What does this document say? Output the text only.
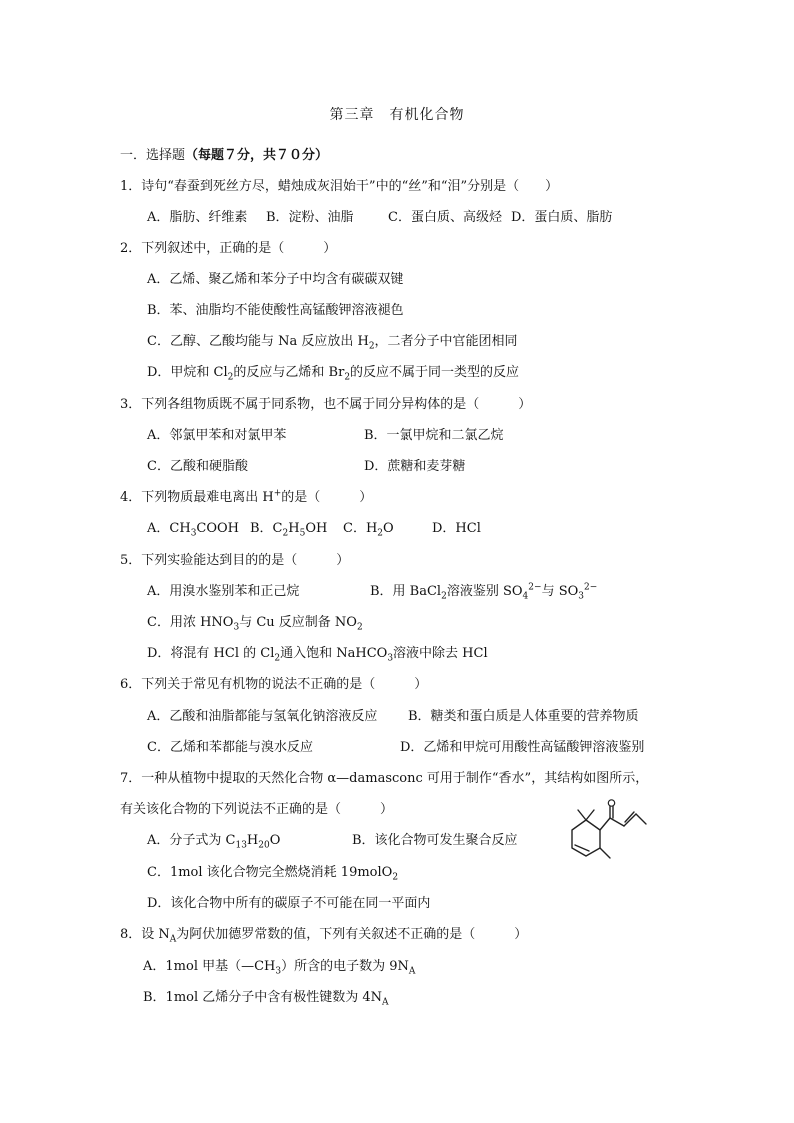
第三章　有机化合物
一．选择题（每题７分，共７０分）
1．诗句“春蚕到死丝方尽，蜡烛成灰泪始干”中的“丝”和“泪”分别是（　　）
A．脂肪、纤维素 B．淀粉、油脂	C．蛋白质、高级烃 D．蛋白质、脂肪
2．下列叙述中，正确的是（　　　）
A．乙烯、聚乙烯和苯分子中均含有碳碳双键
B．苯、油脂均不能使酸性高锰酸钾溶液褪色
C．乙醇、乙酸均能与 Na 反应放出 $H_2$，二者分子中官能团相同
D．甲烷和 $Cl_2$的反应与乙烯和 $Br_2$的反应不属于同一类型的反应
3．下列各组物质既不属于同系物，也不属于同分异构体的是（　　　）
A．邻氯甲苯和对氯甲苯	B．一氯甲烷和二氯乙烷
C．乙酸和硬脂酸	D．蔗糖和麦芽糖
4．下列物质最难电离出 H+的是（　　　）
A．$CH_3COOH$ B．$C_2H_5OH$ C．$H_2O$	D．HCl
5．下列实验能达到目的的是（　　　）
A．用溴水鉴别苯和正己烷	B．用 BaCl$_2$溶液鉴别 $SO_4^{2-}$与 $SO_3^{2-}$
C．用浓 $HNO_3$与 Cu 反应制备 $NO_2$
D．将混有 HCl 的 $Cl_2$通入饱和 NaHCO$_3$溶液中除去 HCl
6．下列关于常见有机物的说法不正确的是（　　　）
A．乙酸和油脂都能与氢氧化钠溶液反应 B．糖类和蛋白质是人体重要的营养物质
C．乙烯和苯都能与溴水反应	D．乙烯和甲烷可用酸性高锰酸钾溶液鉴别
7．一种从植物中提取的天然化合物 α—damasconc 可用于制作“香水”，其结构如图所示，
有关该化合物的下列说法不正确的是（　　　）
A．分子式为 $C_{13}H_{20}O$	B．该化合物可发生聚合反应
C．1mol 该化合物完全燃烧消耗 19molO$_2$
D．该化合物中所有的碳原子不可能在同一平面内
8．设 $N_A$为阿伏加德罗常数的值，下列有关叙述不正确的是（　　　）
A．1mol 甲基$(—CH_3)$所含的电子数为 $9N_A$
B．1mol 乙烯分子中含有极性键数为 $4N_A$
